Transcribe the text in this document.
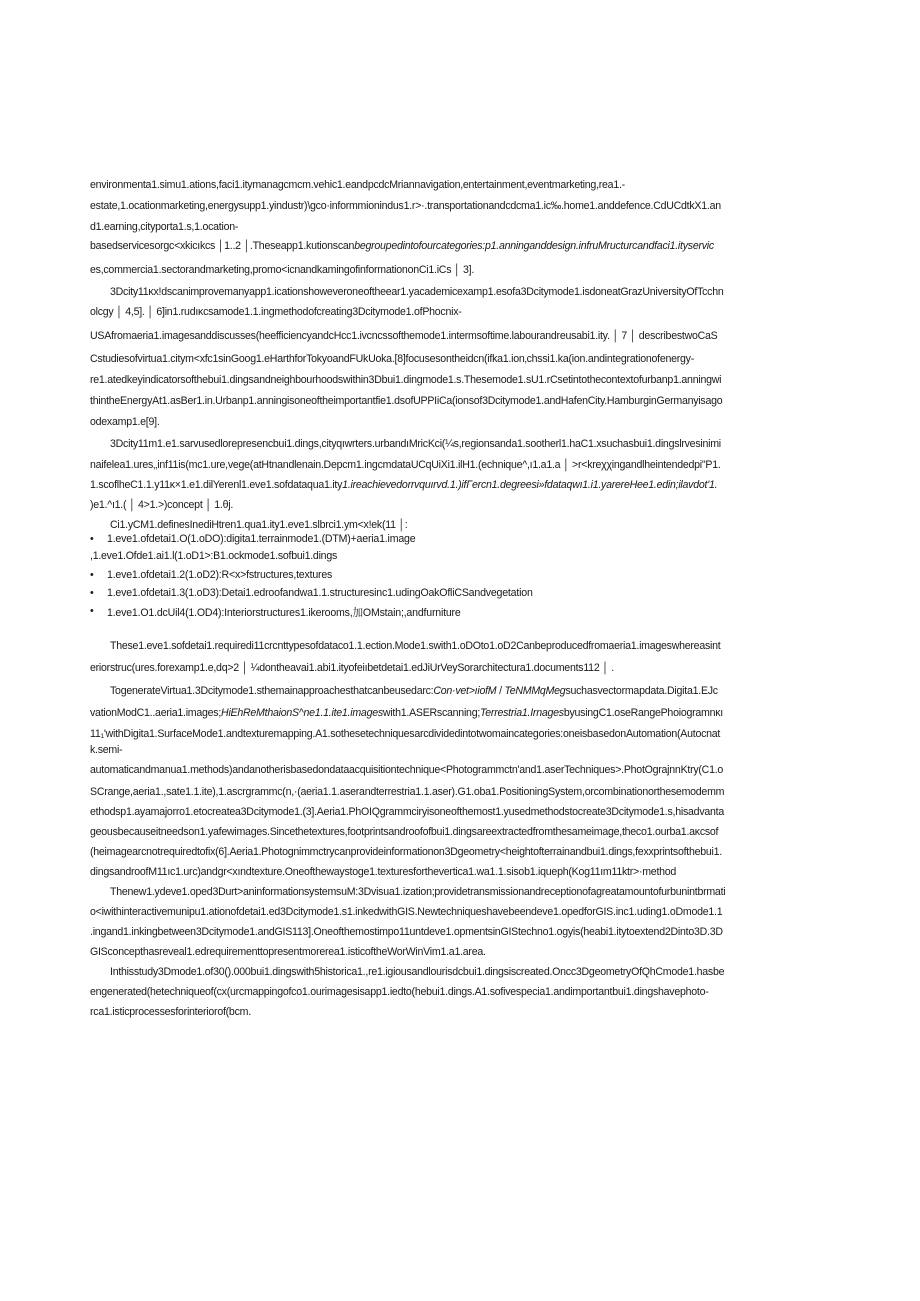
environmenta1.simu1.ations,faci1.itymanagcmcm.vehic1.eandpcdcMriannavigation,entertainment,eventmarketing,rea1.-
estate,1.ocationmarketing,energysupp1.yindustr)\gco·informmionindus1.r>·.transportationandcdcma1.ic‰.home1.anddefence.CdUCdtkX1.an
d1.earning,cityporta1.s,1.ocation-
basedservicesorgc<xkicıkcs │1..2 │.Theseapp1.kutionscanbegroupedintofourcategories:p1.anninganddesign.infruMructurcandfaci1.ityservic
es,commercia1.sectorandmarketing,promo<icnandkamingofinformationonCi1.iCs │ 3].
3Dcity11κx!dscanimprovemanyapp1.icationshoweveroneoftheear1.yacademicexamp1.esofa3Dcitymode1.isdoneatGrazUniversityOfTcchn
olcgy │ 4,5]. │ 6]in1.rudıκcsamode1.1.ingmethodofcreating3Dcitymode1.ofPhocnix-
USAfromaeria1.imagesanddiscusses(heefficiencyandcHcc1.ivcncssofthemode1.intermsoftime.labourandreusabi1.ity. │ 7 │ describestwoCaS
Cstudiesofvirtua1.citym<xfc1sinGoog1.eHarthforTokyoandFUkUoka.[8]focusesontheidcn(ifka1.ion‚chssi1.ka(ion.andintegrationofenergy-
re1.atedkeyindicatorsofthebui1.dingsandneighbourhoodswithin3Dbui1.dingmode1.s.Thesemode1.sU1.rCsetintothecontextofurbanp1.anningwi
thintheEnergyAt1.asBer1.in.Urbanp1.anningisoneoftheimportantfie1.dsofUPPIiCa(ionsof3Dcitymode1.andHafenCity.HamburginGermanyisago
odexamp1.e[9].
3Dcity11m1.e1.sarvusedlorepresencbui1.dings,cityqıwrters.urbandıMricKci(¼s,regionsanda1.sootherl1.haC1.xsuchasbui1.dingslrvesinimi
naifelea1.ures‚‚inf11is(mc1.ure,vege(atHtnandlenain.Depcm1.ingcmdataUCqUiXi1.ilH1.(echnique^,ı1.a1.a │ >r<kreχχingandlheintendedpi"P1.
1.scoflheC1.1.y11κ×1.e1.dilYerenl1.eve1.sofdataqua1.ity1.ireachievedorrvquırvd.1.)ifΓercn1.degreesi»fdataqwı1.i1.yarereHee1.edin;ilavdot'1.
)e1.^ı1.( │ 4>1.>)concept │ 1.θj.
Ci1.yCM1.definesInediHtren1.qua1.ity1.eve1.slbrci1.ym<x!ek(11 │:
• 1.eve1.ofdetai1.O(1.oDO):digita1.terrainmode1.(DTM)+aeria1.image
,1.eve1.Ofde1.ai1.l(1.oD1>:B1.ockmode1.sofbui1.dings
• 1.eve1.ofdetai1.2(1.oD2):R<x>fstructures,textures
• 1.eve1.ofdetai1.3(1.oD3):Detai1.edroofandwa1.1.structuresinc1.udingOakOfliCSandvegetation
• 1.eve1.O1.dcUil4(1.OD4):Interiorstructures1.ikerooms,加OMstain;,andfurniture
These1.eve1.sofdetai1.requiredi11crcnttypesofdataco1.1.ection.Mode1.swith1.oDOto1.oD2Canbeproducedfromaeria1.imageswhereasint
eriorstruc(ures.forexamp1.e,dq>2 │ ¼dontheavai1.abi1.ityofeiıbetdetai1.edJiUrVeySorarchitectura1.documents112 │ .
TogenerateVirtua1.3Dcitymode1.sthemainapproachesthatcanbeusedarc:Con·vet>ıiofM / TeNMMqMegsuchasvectormapdata.Digita1.EJc
vationModC1..aeria1.images;HiEhReMthaionS^ne1.1.ite1.imageswith1.ASERscanning;Terrestria1.IrnagesbyusingC1.oseRangePhoiogramnκı
11₁'withDigita1.SurfaceMode1.andtexturemapping.A1.sothesetechniquesarcdividedintotwomaincategories:oneisbasedonAutomation(Autocnat
k.semi-
automaticandmanua1.methods)andanotherisbasedondataacquisitiontechnique<Photogrammctn'and1.aserTechniques>.PhotOgrajnnKtry(C1.o
SCrange,aeria1.,sate1.1.ite),1.ascrgrammc(n,·(aeria1.1.aserandterrestria1.1.aser).G1.oba1.PositioningSystem,orcombinationorthesemodemm
ethodsp1.ayamajorro1.etocreatea3Dcitymode1.(3].Aeria1.PhOIQgrammciryisoneofthemost1.yusedmethodstocreate3Dcitymode1.s,hisadvanta
geousbecauseitneedson1.yafewimages.Sincethetextures,footprintsandroofofbui1.dingsareextractedfromthesameimage,theco1.ourba1.aκcsof
(heimagearcnotrequiredtofix(6].Aeria1.Photognimmctrycanprovideinformationon3Dgeometry<heightofterrainandbui1.dings,fexxprintsofthebui1.
dingsandroofM11ıc1.urc)andgr<xındtexture.Oneofthewaystoge1.texturesforthevertica1.wa1.1.sisob1.iqueph(Kog11ım11ktr>·method
Thenew1.ydeve1.oped3Durt>aninformationsystemsuM:3Dvisua1.ization;providetransmissionandreceptionofagreatamountofurbunintbrmati
o<iwithinteractivemunipu1.ationofdetai1.ed3Dcitymode1.s1.inkedwithGIS.Newtechniqueshavebeendeve1.opedforGIS.inc1.uding1.oDmode1.1
.ingand1.inkingbetween3Dcitymode1.andGIS113].Oneofthemostimpo11untdeve1.opmentsinGIStechno1.ogyis(heabi1.itytoextend2Dinto3D.3D
GISconcepthasreveal1.edrequirementtopresentmorerea1.isticoftheWorWinVim1.a1.area.
Inthisstudy3Dmode1.of30().000bui1.dingswith5historica1.,re1.igiousandlourisdcbui1.dingsiscreated.Oncc3DgeometryOfQhCmode1.hasbe
engenerated(hetechniqueof(cx(urcmappingofco1.ourimagesisapp1.iedto(hebui1.dings.A1.sofivespecia1.andimportantbui1.dingshavephoto-
rca1.isticprocessesforinteriorof(bcm.
